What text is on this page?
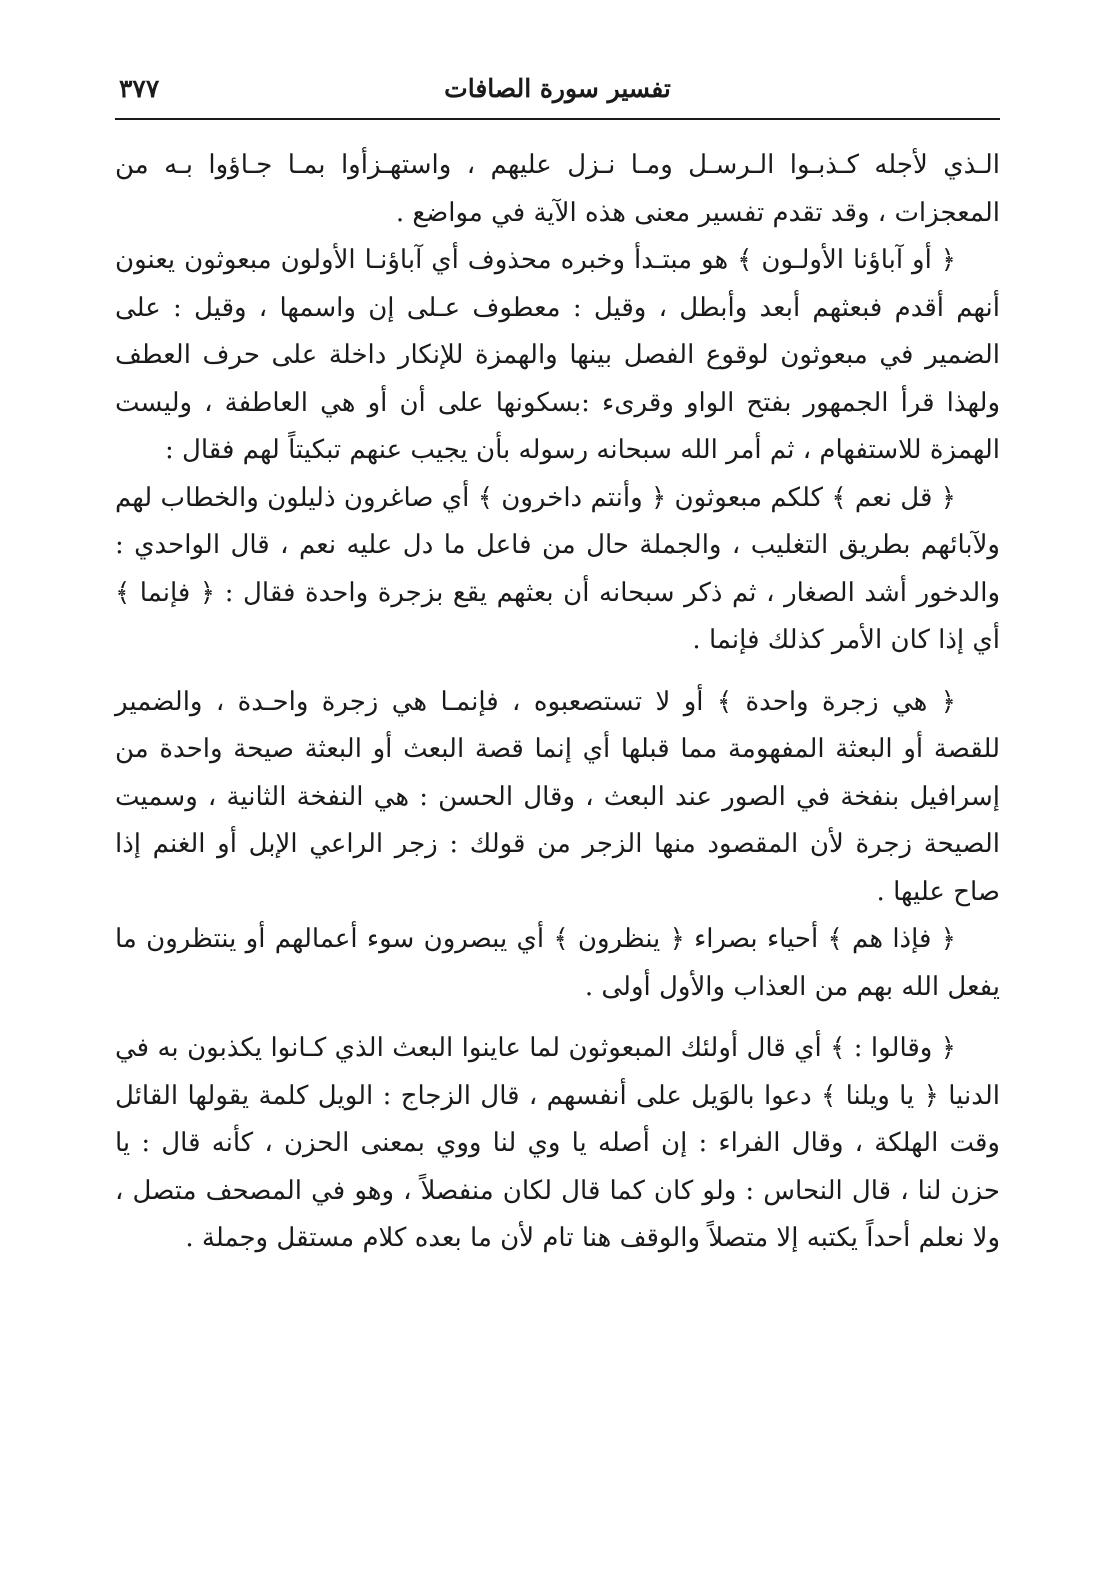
تفسير سورة الصافات
٣٧٧

الـذي لأجله كـذبـوا الـرسـل ومـا نـزل عليهم ، واستهـزأوا بمـا جـاؤوا بـه من المعجزات ، وقد تقدم تفسير معنى هذه الآية في مواضع .

﴿ أو آباؤنا الأولـون ﴾ هو مبتـدأ وخبره محذوف أي آباؤنـا الأولون مبعوثون يعنون أنهم أقدم فبعثهم أبعد وأبطل ، وقيل : معطوف عـلى إن واسمها ، وقيل : على الضمير في مبعوثون لوقوع الفصل بينها والهمزة للإنكار داخلة على حرف العطف ولهذا قرأ الجمهور بفتح الواو وقرىء :بسكونها على أن أو هي العاطفة ، وليست الهمزة للاستفهام ، ثم أمر الله سبحانه رسوله بأن يجيب عنهم تبكيتاً لهم فقال :

﴿ قل نعم ﴾ كلكم مبعوثون ﴿ وأنتم داخرون ﴾ أي صاغرون ذليلون والخطاب لهم ولآبائهم بطريق التغليب ، والجملة حال من فاعل ما دل عليه نعم ، قال الواحدي : والدخور أشد الصغار ، ثم ذكر سبحانه أن بعثهم يقع بزجرة واحدة فقال : ﴿ فإنما ﴾ أي إذا كان الأمر كذلك فإنما .

﴿ هي زجرة واحدة ﴾ أو لا تستصعبوه ، فإنمـا هي زجرة واحـدة ، والضمير للقصة أو البعثة المفهومة مما قبلها أي إنما قصة البعث أو البعثة صيحة واحدة من إسرافيل بنفخة في الصور عند البعث ، وقال الحسن : هي النفخة الثانية ، وسميت الصيحة زجرة لأن المقصود منها الزجر من قولك : زجر الراعي الإبل أو الغنم إذا صاح عليها .

﴿ فإذا هم ﴾ أحياء بصراء ﴿ ينظرون ﴾ أي يبصرون سوء أعمالهم أو ينتظرون ما يفعل الله بهم من العذاب والأول أولى .

﴿ وقالوا : ﴾ أي قال أولئك المبعوثون لما عاينوا البعث الذي كـانوا يكذبون به في الدنيا ﴿ يا ويلنا ﴾ دعوا بالوَيل على أنفسهم ، قال الزجاج : الويل كلمة يقولها القائل وقت الهلكة ، وقال الفراء : إن أصله يا وي لنا ووي بمعنى الحزن ، كأنه قال : يا حزن لنا ، قال النحاس : ولو كان كما قال لكان منفصلاً ، وهو في المصحف متصل ، ولا نعلم أحداً يكتبه إلا متصلاً والوقف هنا تام لأن ما بعده كلام مستقل وجملة .
